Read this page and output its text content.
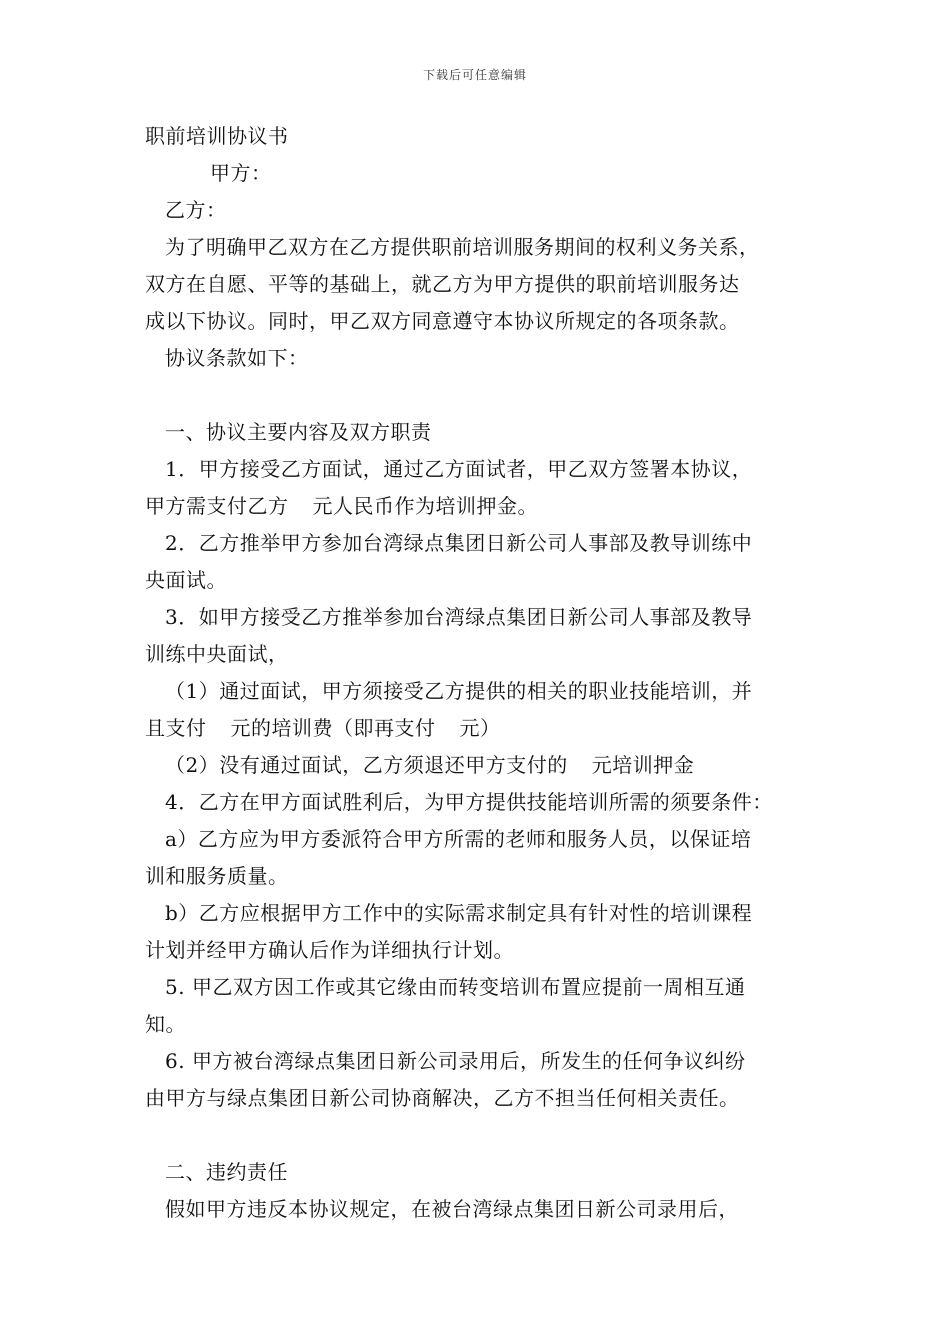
下载后可任意编辑
职前培训协议书
甲方：
乙方：
为了明确甲乙双方在乙方提供职前培训服务期间的权利义务关系，
双方在自愿、平等的基础上，就乙方为甲方提供的职前培训服务达
成以下协议。同时，甲乙双方同意遵守本协议所规定的各项条款。
协议条款如下：
一、协议主要内容及双方职责
1．甲方接受乙方面试，通过乙方面试者，甲乙双方签署本协议，
甲方需支付乙方 元人民币作为培训押金。
2．乙方推举甲方参加台湾绿点集团日新公司人事部及教导训练中
央面试。
3．如甲方接受乙方推举参加台湾绿点集团日新公司人事部及教导
训练中央面试，
（1）通过面试，甲方须接受乙方提供的相关的职业技能培训，并
且支付 元的培训费（即再支付 元）
（2）没有通过面试，乙方须退还甲方支付的 元培训押金
4．乙方在甲方面试胜利后，为甲方提供技能培训所需的须要条件：
a）乙方应为甲方委派符合甲方所需的老师和服务人员，以保证培
训和服务质量。
b）乙方应根据甲方工作中的实际需求制定具有针对性的培训课程
计划并经甲方确认后作为详细执行计划。
5. 甲乙双方因工作或其它缘由而转变培训布置应提前一周相互通
知。
6. 甲方被台湾绿点集团日新公司录用后，所发生的任何争议纠纷
由甲方与绿点集团日新公司协商解决，乙方不担当任何相关责任。
二、违约责任
假如甲方违反本协议规定，在被台湾绿点集团日新公司录用后，
